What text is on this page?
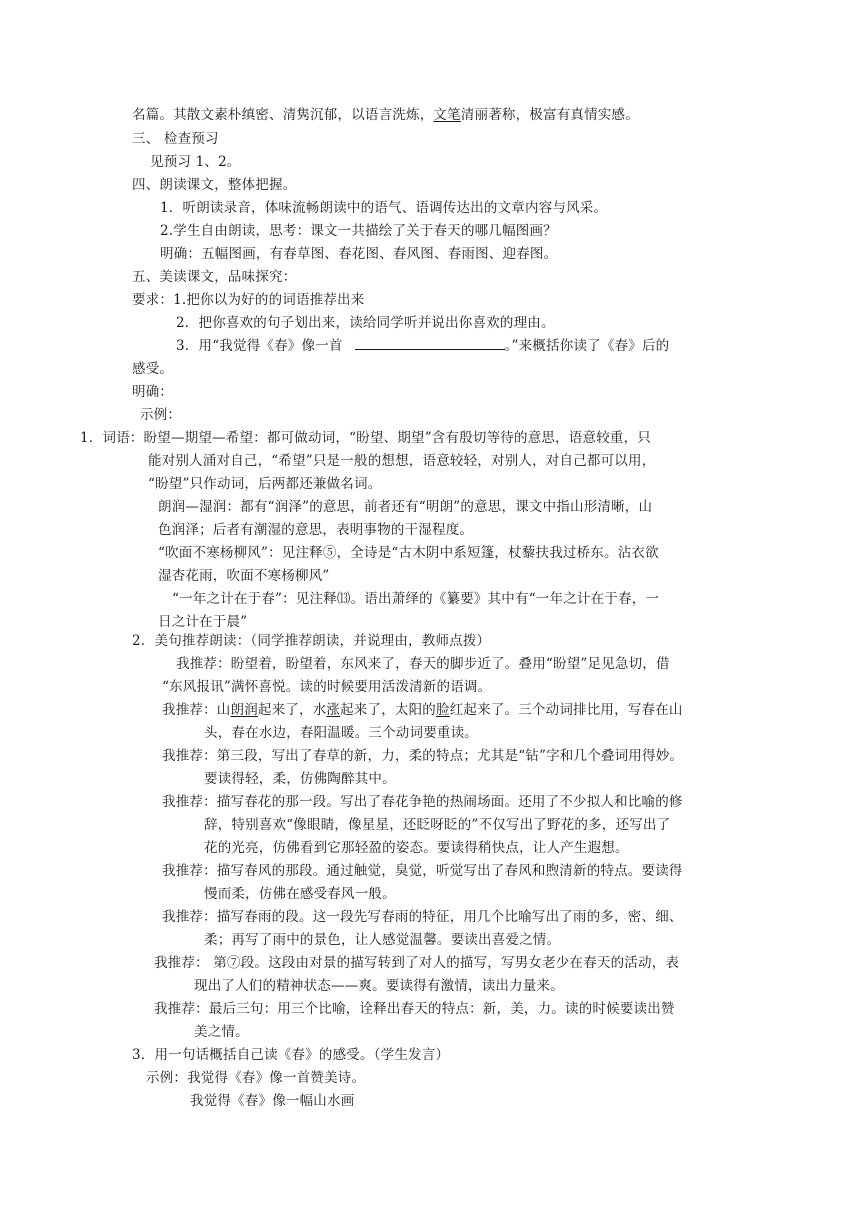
名篇。其散文素朴缜密、清隽沉郁，以语言洗炼，文笔清丽著称，极富有真情实感。
三、 检查预习
见预习 1、2。
四、朗读课文，整体把握。
1．听朗读录音，体味流畅朗读中的语气、语调传达出的文章内容与风采。
2.学生自由朗读，思考：课文一共描绘了关于春天的哪几幅图画？
明确：五幅图画，有春草图、春花图、春风图、春雨图、迎春图。
五、美读课文，品味探究：
要求：1.把你以为好的的词语推荐出来
2．把你喜欢的句子划出来，读给同学听并说出你喜欢的理由。
3．用“我觉得《春》像一首	。”来概括你读了《春》后的
感受。
明确：
示例：
1．词语：盼望—期望—希望：都可做动词，“盼望、期望”含有殷切等待的意思，语意较重，只
能对别人涌对自己，“希望”只是一般的想想，语意较轻，对别人，对自己都可以用，
“盼望”只作动词，后两都还兼做名词。
朗润—湿润：都有“润泽”的意思，前者还有“明朗”的意思，课文中指山形清晰，山
色润泽；后者有潮湿的意思，表明事物的干湿程度。
“吹面不寒杨柳风”：见注释⑤，全诗是“古木阴中系短篷，杖藜扶我过桥东。沾衣欲
湿杏花雨，吹面不寒杨柳风”
“一年之计在于春”：见注释⒀。语出萧绎的《纂要》其中有“一年之计在于春，一
日之计在于晨”
2．美句推荐朗读：（同学推荐朗读，并说理由，教师点拨）
我推荐：盼望着，盼望着，东风来了，春天的脚步近了。叠用“盼望”足见急切，借
“东风报讯”满怀喜悦。读的时候要用活泼清新的语调。
我推荐：山朗润起来了，水涨起来了，太阳的脸红起来了。三个动词排比用，写春在山
头，春在水边，春阳温暖。三个动词要重读。
我推荐：第三段，写出了春草的新，力，柔的特点；尤其是“钻”字和几个叠词用得妙。
要读得轻，柔，仿佛陶醉其中。
我推荐：描写春花的那一段。写出了春花争艳的热闹场面。还用了不少拟人和比喻的修
辞，特别喜欢“像眼睛，像星星，还眨呀眨的”不仅写出了野花的多，还写出了
花的光亮，仿佛看到它那轻盈的姿态。要读得稍快点，让人产生遐想。
我推荐：描写春风的那段。通过触觉，臭觉，听觉写出了春风和煦清新的特点。要读得
慢而柔，仿佛在感受春风一般。
我推荐：描写春雨的段。这一段先写春雨的特征，用几个比喻写出了雨的多，密、细、
柔；再写了雨中的景色，让人感觉温馨。要读出喜爱之情。
我推荐： 第⑦段。这段由对景的描写转到了对人的描写，写男女老少在春天的活动，表
现出了人们的精神状态——爽。要读得有激情，读出力量来。
我推荐：最后三句：用三个比喻，诠释出春天的特点：新，美，力。读的时候要读出赞
美之情。
3．用一句话概括自己读《春》的感受。（学生发言）
示例：我觉得《春》像一首赞美诗。
我觉得《春》像一幅山水画
